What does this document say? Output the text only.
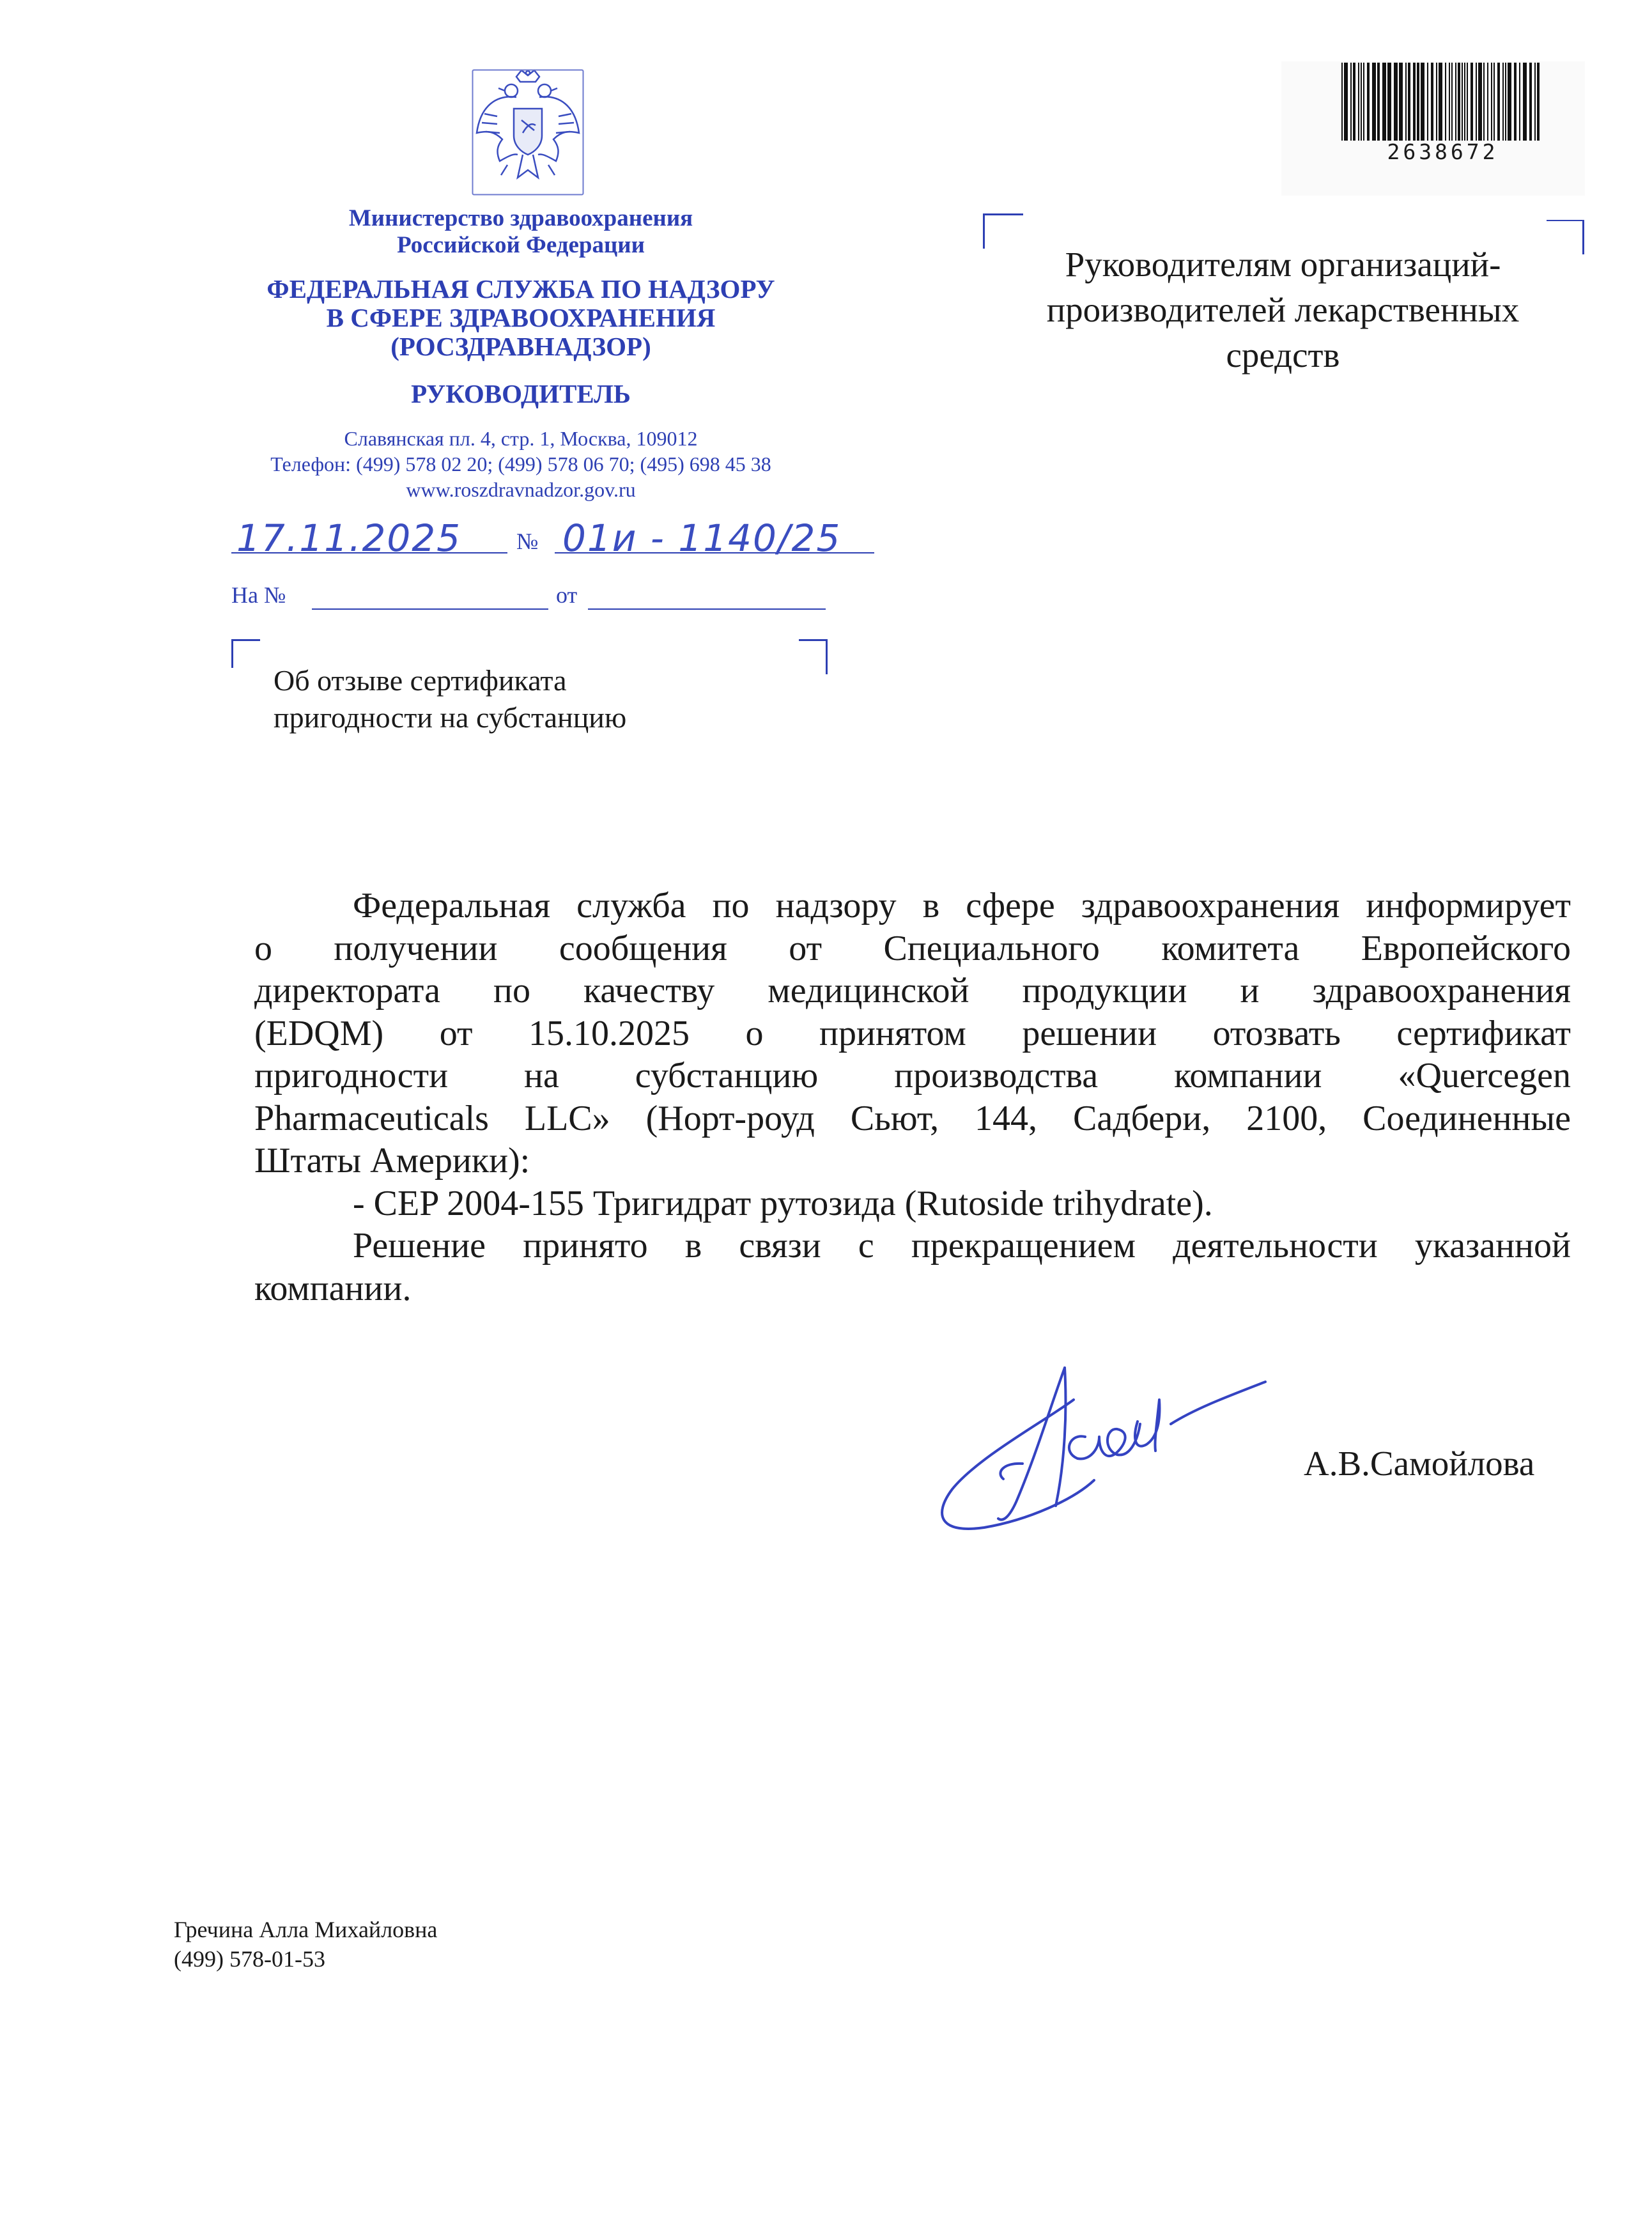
Министерство здравоохранения
Российской Федерации
ФЕДЕРАЛЬНАЯ СЛУЖБА ПО НАДЗОРУ
В СФЕРЕ ЗДРАВООХРАНЕНИЯ
(РОСЗДРАВНАДЗОР)
РУКОВОДИТЕЛЬ
Славянская пл. 4, стр. 1, Москва, 109012
Телефон: (499) 578 02 20; (499) 578 06 70; (495) 698 45 38
www.roszdravnadzor.gov.ru
17.11.2025 № 01и - 1140/25
На №	от
2638672
Руководителям организаций-
производителей лекарственных
средств
Об отзыве сертификата
пригодности на субстанцию
Федеральная служба по надзору в сфере здравоохранения информирует
о получении сообщения от Специального комитета Европейского
директората по качеству медицинской продукции и здравоохранения
(EDQM) от 15.10.2025 о принятом решении отозвать сертификат
пригодности на субстанцию производства компании «Quercegen
Pharmaceuticals LLC» (Норт-роуд Сьют, 144, Садбери, 2100, Соединенные
Штаты Америки):
- CEP 2004-155 Тригидрат рутозида (Rutoside trihydrate).
Решение принято в связи с прекращением деятельности указанной
компании.
А.В.Самойлова
Гречина Алла Михайловна
(499) 578-01-53
